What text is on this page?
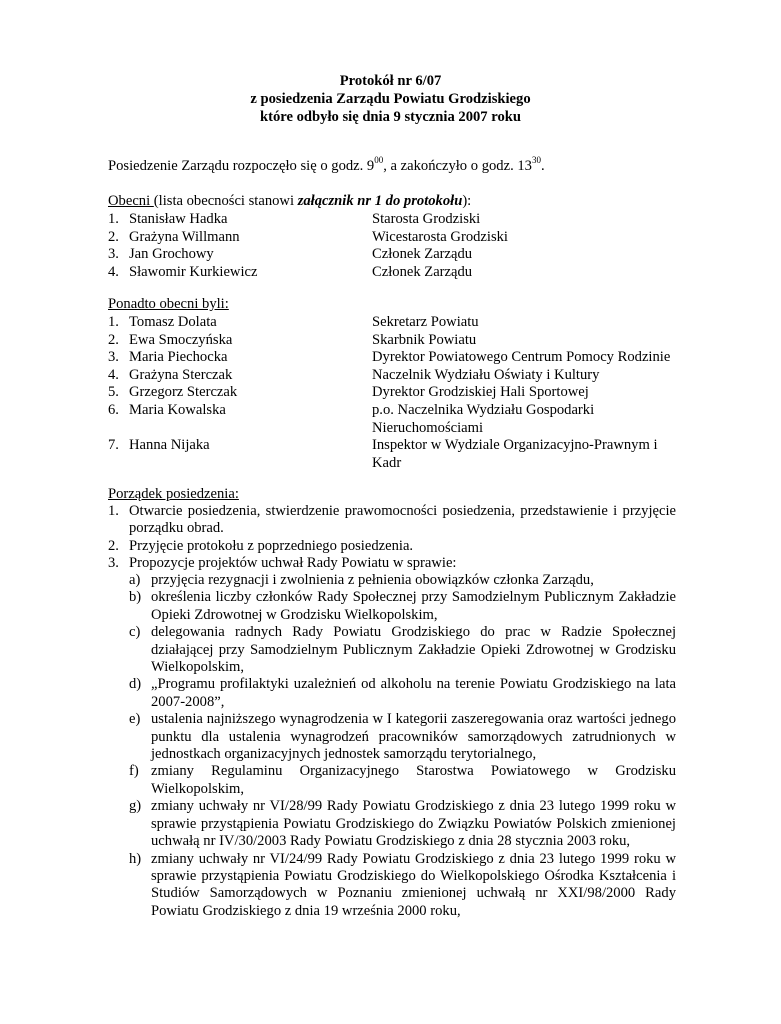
Protokół nr 6/07
z posiedzenia Zarządu Powiatu Grodziskiego
które odbyło się dnia 9 stycznia 2007 roku
Posiedzenie Zarządu rozpoczęło się o godz. $9^{00}$, a zakończyło o godz. $13^{30}$.
Obecni (lista obecności stanowi załącznik nr 1 do protokołu):
1. Stanisław Hadka	Starosta Grodziski
2. Grażyna Willmann	Wicestarosta Grodziski
3. Jan Grochowy	Członek Zarządu
4. Sławomir Kurkiewicz	Członek Zarządu
Ponadto obecni byli:
1. Tomasz Dolata	Sekretarz Powiatu
2. Ewa Smoczyńska	Skarbnik Powiatu
3. Maria Piechocka	Dyrektor Powiatowego Centrum Pomocy Rodzinie
4. Grażyna Sterczak	Naczelnik Wydziału Oświaty i Kultury
5. Grzegorz Sterczak	Dyrektor Grodziskiej Hali Sportowej
6. Maria Kowalska	p.o. Naczelnika Wydziału Gospodarki
Nieruchomościami
7. Hanna Nijaka	Inspektor w Wydziale Organizacyjno-Prawnym i
Kadr
Porządek posiedzenia:
1. Otwarcie posiedzenia, stwierdzenie prawomocności posiedzenia, przedstawienie i przyjęcie porządku obrad.
2. Przyjęcie protokołu z poprzedniego posiedzenia.
3. Propozycje projektów uchwał Rady Powiatu w sprawie:
a) przyjęcia rezygnacji i zwolnienia z pełnienia obowiązków członka Zarządu,
b) określenia liczby członków Rady Społecznej przy Samodzielnym Publicznym Zakładzie Opieki Zdrowotnej w Grodzisku Wielkopolskim,
c) delegowania radnych Rady Powiatu Grodziskiego do prac w Radzie Społecznej działającej przy Samodzielnym Publicznym Zakładzie Opieki Zdrowotnej w Grodzisku Wielkopolskim,
d) „Programu profilaktyki uzależnień od alkoholu na terenie Powiatu Grodziskiego na lata 2007-2008”,
e) ustalenia najniższego wynagrodzenia w I kategorii zaszeregowania oraz wartości jednego punktu dla ustalenia wynagrodzeń pracowników samorządowych zatrudnionych w jednostkach organizacyjnych jednostek samorządu terytorialnego,
f) zmiany Regulaminu Organizacyjnego Starostwa Powiatowego w Grodzisku Wielkopolskim,
g) zmiany uchwały nr VI/28/99 Rady Powiatu Grodziskiego z dnia 23 lutego 1999 roku w sprawie przystąpienia Powiatu Grodziskiego do Związku Powiatów Polskich zmienionej uchwałą nr IV/30/2003 Rady Powiatu Grodziskiego z dnia 28 stycznia 2003 roku,
h) zmiany uchwały nr VI/24/99 Rady Powiatu Grodziskiego z dnia 23 lutego 1999 roku w sprawie przystąpienia Powiatu Grodziskiego do Wielkopolskiego Ośrodka Kształcenia i Studiów Samorządowych w Poznaniu zmienionej uchwałą nr XXI/98/2000 Rady Powiatu Grodziskiego z dnia 19 września 2000 roku,
